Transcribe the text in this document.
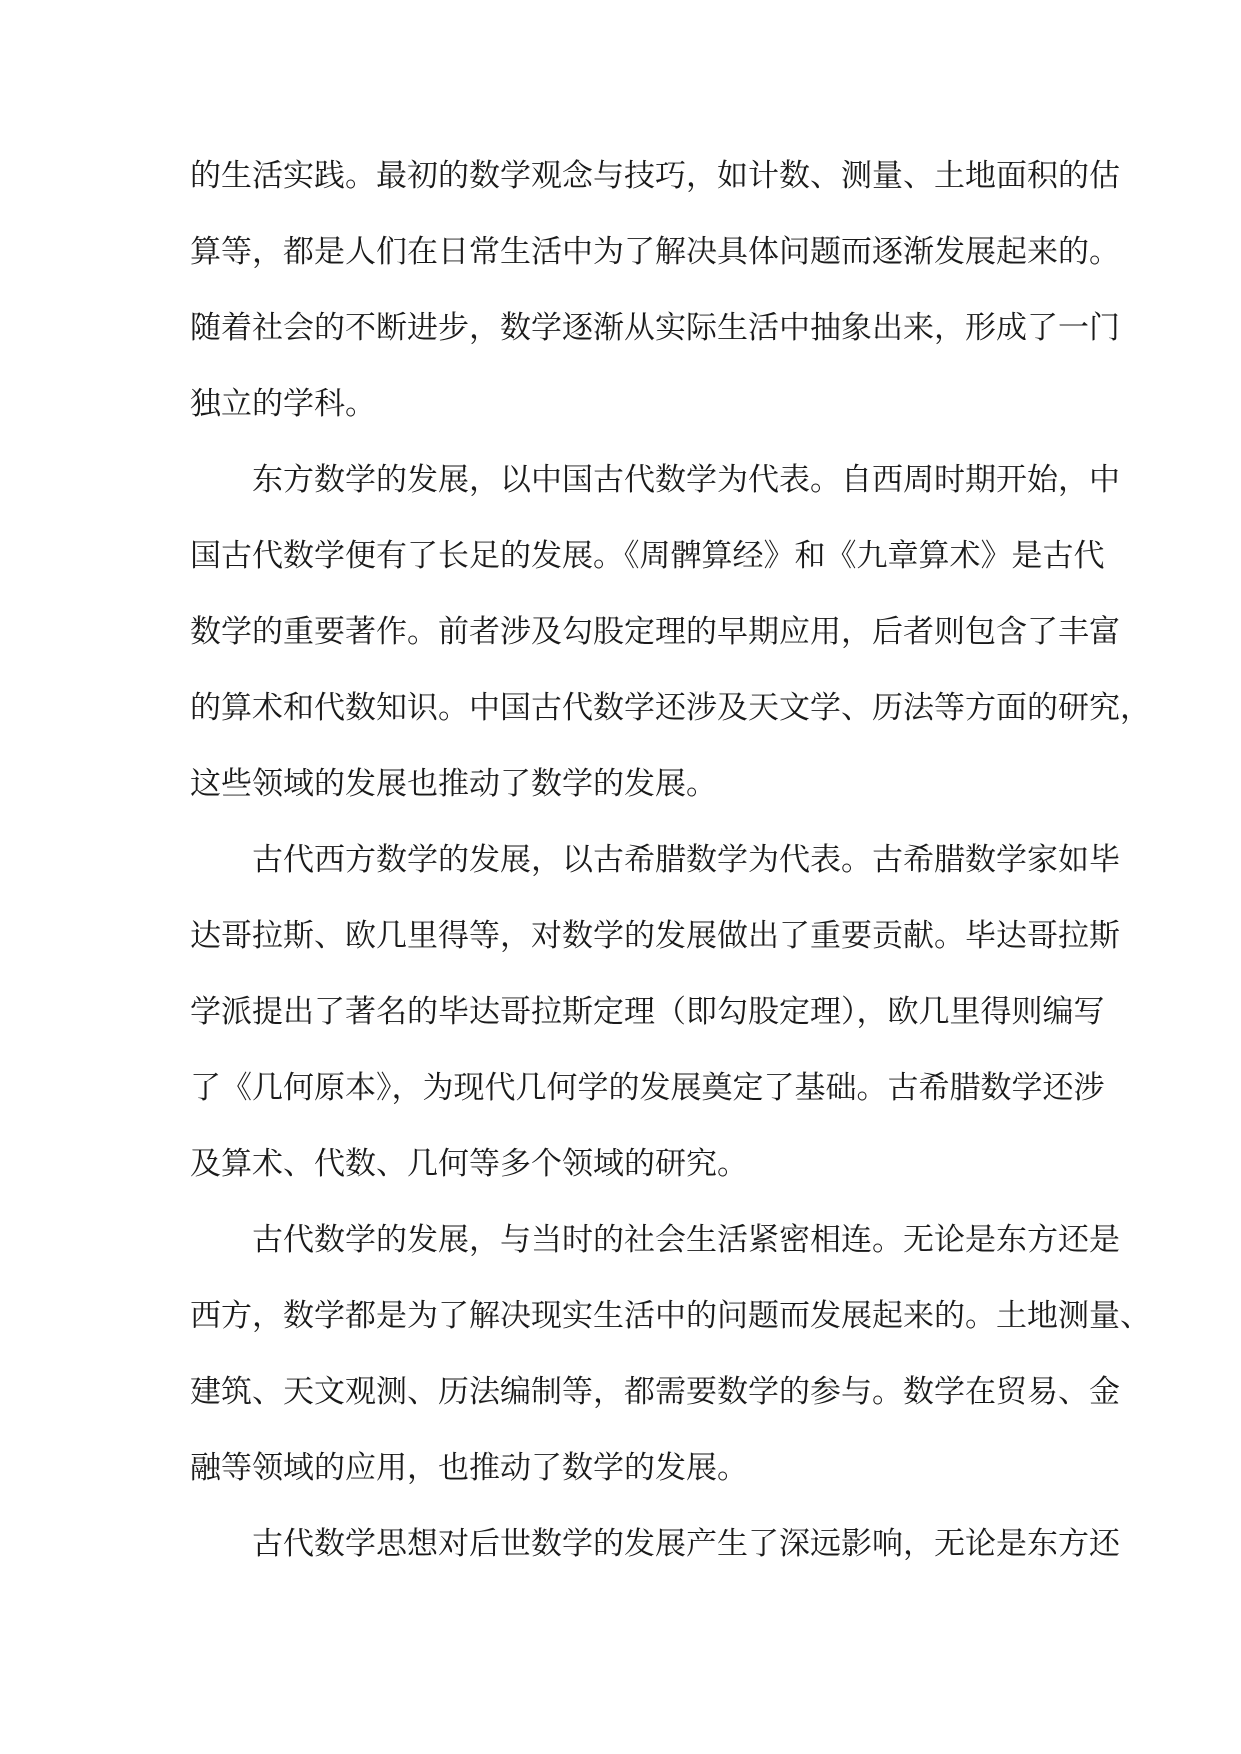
的生活实践。最初的数学观念与技巧，如计数、测量、土地面积的估
算等，都是人们在日常生活中为了解决具体问题而逐渐发展起来的。
随着社会的不断进步，数学逐渐从实际生活中抽象出来，形成了一门
独立的学科。
东方数学的发展，以中国古代数学为代表。自西周时期开始，中
国古代数学便有了长足的发展。《周髀算经》和《九章算术》是古代
数学的重要著作。前者涉及勾股定理的早期应用，后者则包含了丰富
的算术和代数知识。中国古代数学还涉及天文学、历法等方面的研究，
这些领域的发展也推动了数学的发展。
古代西方数学的发展，以古希腊数学为代表。古希腊数学家如毕
达哥拉斯、欧几里得等，对数学的发展做出了重要贡献。毕达哥拉斯
学派提出了著名的毕达哥拉斯定理（即勾股定理），欧几里得则编写
了《几何原本》，为现代几何学的发展奠定了基础。古希腊数学还涉
及算术、代数、几何等多个领域的研究。
古代数学的发展，与当时的社会生活紧密相连。无论是东方还是
西方，数学都是为了解决现实生活中的问题而发展起来的。土地测量、
建筑、天文观测、历法编制等，都需要数学的参与。数学在贸易、金
融等领域的应用，也推动了数学的发展。
古代数学思想对后世数学的发展产生了深远影响，无论是东方还
